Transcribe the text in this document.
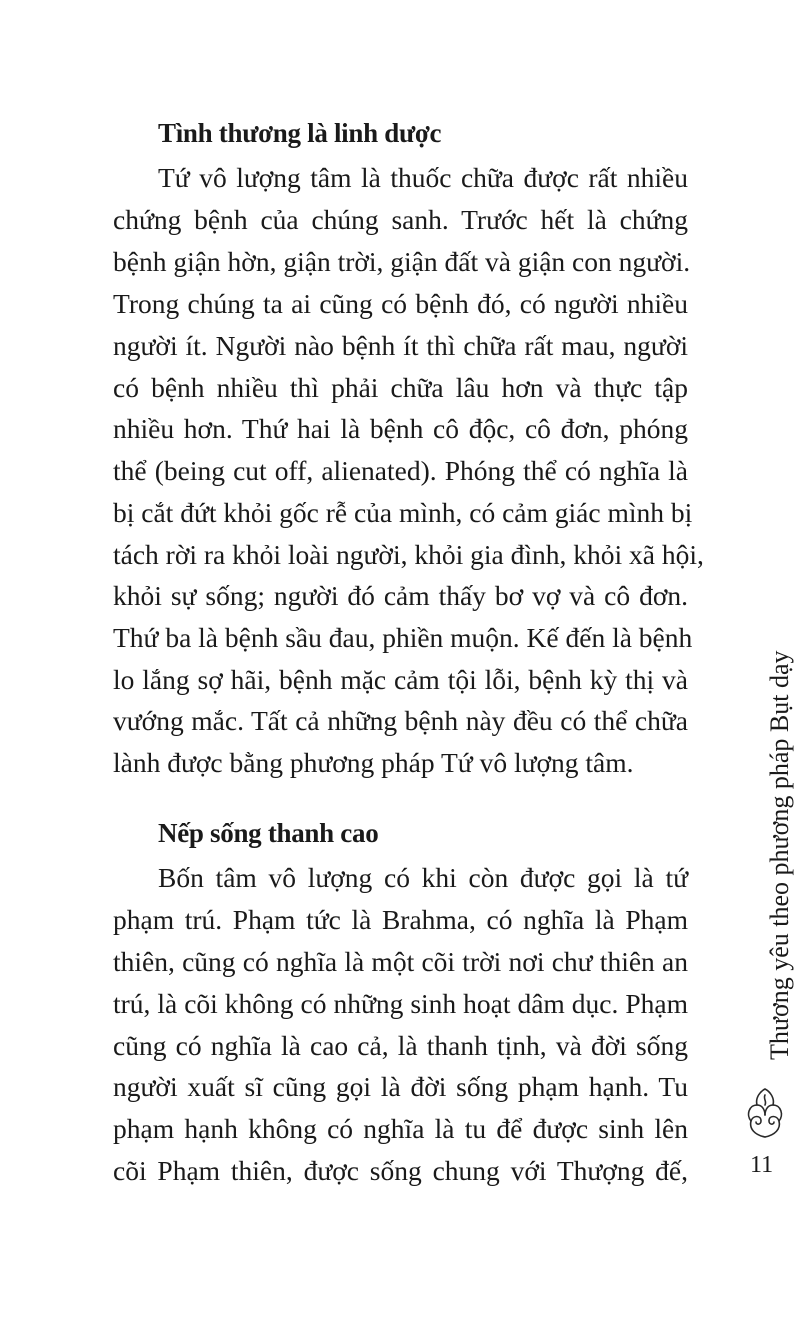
Tình thương là linh dược

Tứ vô lượng tâm là thuốc chữa được rất nhiều

chứng bệnh của chúng sanh. Trước hết là chứng

bệnh giận hờn, giận trời, giận đất và giận con người.

Trong chúng ta ai cũng có bệnh đó, có người nhiều

người ít. Người nào bệnh ít thì chữa rất mau, người

có bệnh nhiều thì phải chữa lâu hơn và thực tập

nhiều hơn. Thứ hai là bệnh cô độc, cô đơn, phóng

thể (being cut off, alienated). Phóng thể có nghĩa là

bị cắt đứt khỏi gốc rễ của mình, có cảm giác mình bị

tách rời ra khỏi loài người, khỏi gia đình, khỏi xã hội,

khỏi sự sống; người đó cảm thấy bơ vợ và cô đơn.

Thứ ba là bệnh sầu đau, phiền muộn. Kế đến là bệnh

lo lắng sợ hãi, bệnh mặc cảm tội lỗi, bệnh kỳ thị và

vướng mắc. Tất cả những bệnh này đều có thể chữa

lành được bằng phương pháp Tứ vô lượng tâm.

Nếp sống thanh cao

Bốn tâm vô lượng có khi còn được gọi là tứ

phạm trú. Phạm tức là Brahma, có nghĩa là Phạm

thiên, cũng có nghĩa là một cõi trời nơi chư thiên an

trú, là cõi không có những sinh hoạt dâm dục. Phạm

cũng có nghĩa là cao cả, là thanh tịnh, và đời sống

người xuất sĩ cũng gọi là đời sống phạm hạnh. Tu

phạm hạnh không có nghĩa là tu để được sinh lên

cõi Phạm thiên, được sống chung với Thượng đế,

Thương yêu theo phương pháp Bụt dạy
11
